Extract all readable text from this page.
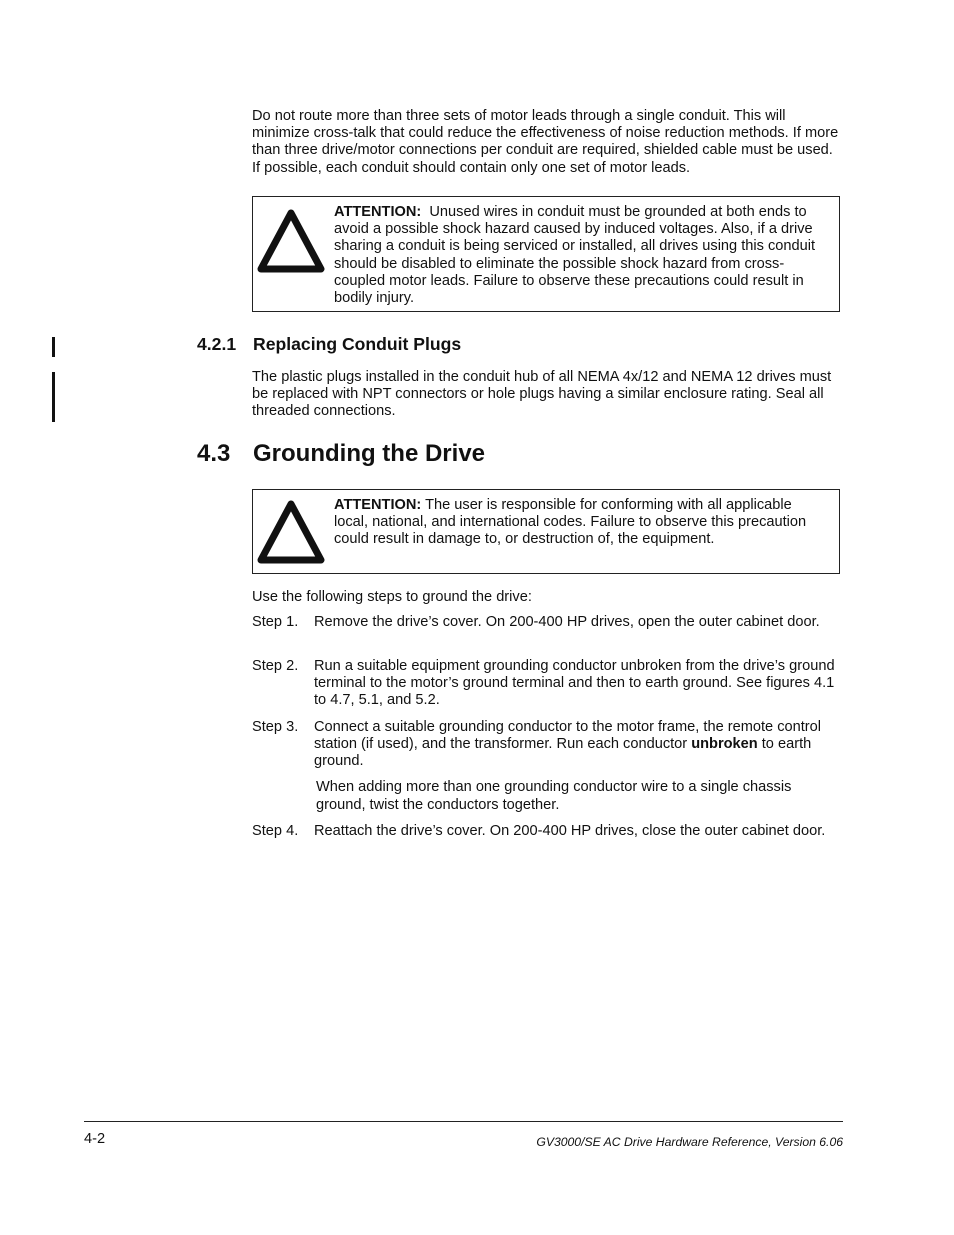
Do not route more than three sets of motor leads through a single conduit. This will minimize cross-talk that could reduce the effectiveness of noise reduction methods. If more than three drive/motor connections per conduit are required, shielded cable must be used. If possible, each conduit should contain only one set of motor leads.

ATTENTION: Unused wires in conduit must be grounded at both ends to avoid a possible shock hazard caused by induced voltages. Also, if a drive sharing a conduit is being serviced or installed, all drives using this conduit should be disabled to eliminate the possible shock hazard from cross-coupled motor leads. Failure to observe these precautions could result in bodily injury.

4.2.1 Replacing Conduit Plugs

The plastic plugs installed in the conduit hub of all NEMA 4x/12 and NEMA 12 drives must be replaced with NPT connectors or hole plugs having a similar enclosure rating. Seal all threaded connections.

4.3 Grounding the Drive

ATTENTION: The user is responsible for conforming with all applicable local, national, and international codes. Failure to observe this precaution could result in damage to, or destruction of, the equipment.

Use the following steps to ground the drive:

Step 1.	Remove the drive’s cover. On 200-400 HP drives, open the outer cabinet door.
Step 2.	Run a suitable equipment grounding conductor unbroken from the drive’s ground terminal to the motor’s ground terminal and then to earth ground. See figures 4.1 to 4.7, 5.1, and 5.2.
Step 3.	Connect a suitable grounding conductor to the motor frame, the remote control station (if used), and the transformer. Run each conductor unbroken to earth ground.

When adding more than one grounding conductor wire to a single chassis ground, twist the conductors together.

Step 4.	Reattach the drive’s cover. On 200-400 HP drives, close the outer cabinet door.
4-2	GV3000/SE AC Drive Hardware Reference, Version 6.06
